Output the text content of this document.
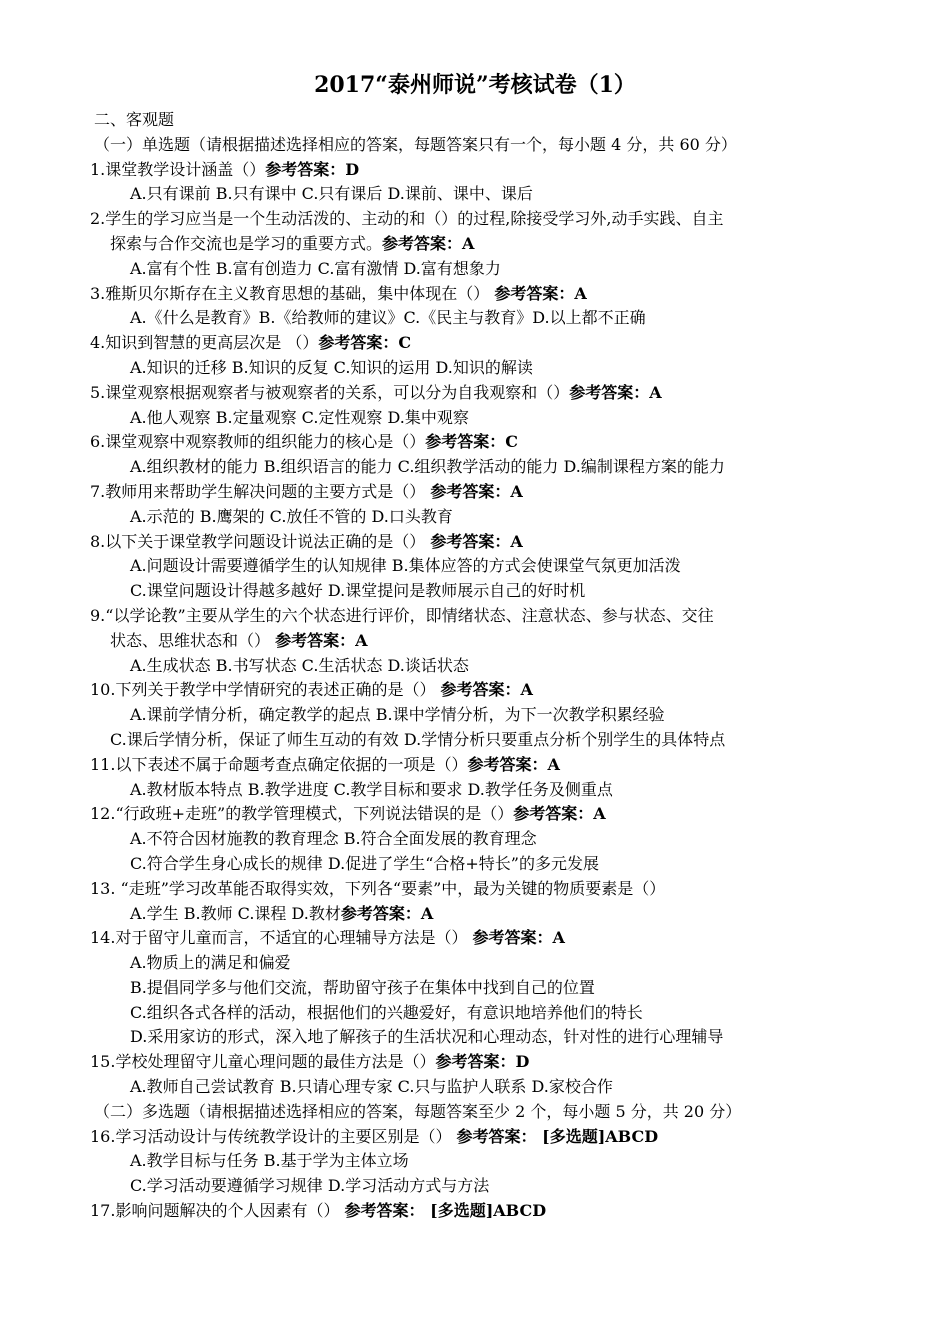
2017“泰州师说”考核试卷（1）
二、客观题
（一）单选题（请根据描述选择相应的答案，每题答案只有一个，每小题 4 分，共 60 分）
1.课堂教学设计涵盖（）参考答案：D
A.只有课前 B.只有课中 C.只有课后 D.课前、课中、课后
2.学生的学习应当是一个生动活泼的、主动的和（）的过程,除接受学习外,动手实践、自主
探索与合作交流也是学习的重要方式。参考答案：A
A.富有个性 B.富有创造力 C.富有激情 D.富有想象力
3.雅斯贝尔斯存在主义教育思想的基础，集中体现在（） 参考答案：A
A.《什么是教育》B.《给教师的建议》C.《民主与教育》D.以上都不正确
4.知识到智慧的更高层次是 （）参考答案：C
A.知识的迁移 B.知识的反复 C.知识的运用 D.知识的解读
5.课堂观察根据观察者与被观察者的关系，可以分为自我观察和（）参考答案：A
A.他人观察 B.定量观察 C.定性观察 D.集中观察
6.课堂观察中观察教师的组织能力的核心是（）参考答案：C
A.组织教材的能力 B.组织语言的能力 C.组织教学活动的能力 D.编制课程方案的能力
7.教师用来帮助学生解决问题的主要方式是（） 参考答案：A
A.示范的 B.鹰架的 C.放任不管的 D.口头教育
8.以下关于课堂教学问题设计说法正确的是（） 参考答案：A
A.问题设计需要遵循学生的认知规律 B.集体应答的方式会使课堂气氛更加活泼
C.课堂问题设计得越多越好 D.课堂提问是教师展示自己的好时机
9.“以学论教”主要从学生的六个状态进行评价，即情绪状态、注意状态、参与状态、交往
状态、思维状态和（） 参考答案：A
A.生成状态 B.书写状态 C.生活状态 D.谈话状态
10.下列关于教学中学情研究的表述正确的是（） 参考答案：A
A.课前学情分析，确定教学的起点 B.课中学情分析，为下一次教学积累经验
C.课后学情分析，保证了师生互动的有效 D.学情分析只要重点分析个别学生的具体特点
11.以下表述不属于命题考查点确定依据的一项是（）参考答案：A
A.教材版本特点 B.教学进度 C.教学目标和要求 D.教学任务及侧重点
12.“行政班+走班”的教学管理模式，下列说法错误的是（）参考答案：A
A.不符合因材施教的教育理念 B.符合全面发展的教育理念
C.符合学生身心成长的规律 D.促进了学生“合格+特长”的多元发展
13. “走班”学习改革能否取得实效，下列各“要素”中，最为关键的物质要素是（）
A.学生 B.教师 C.课程 D.教材参考答案：A
14.对于留守儿童而言，不适宜的心理辅导方法是（） 参考答案：A
A.物质上的满足和偏爱
B.提倡同学多与他们交流，帮助留守孩子在集体中找到自己的位置
C.组织各式各样的活动，根据他们的兴趣爱好，有意识地培养他们的特长
D.采用家访的形式，深入地了解孩子的生活状况和心理动态，针对性的进行心理辅导
15.学校处理留守儿童心理问题的最佳方法是（）参考答案：D
A.教师自己尝试教育 B.只请心理专家 C.只与监护人联系 D.家校合作
（二）多选题（请根据描述选择相应的答案，每题答案至少 2 个，每小题 5 分，共 20 分）
16.学习活动设计与传统教学设计的主要区别是（） 参考答案： [多选题]ABCD
A.教学目标与任务 B.基于学为主体立场
C.学习活动要遵循学习规律 D.学习活动方式与方法
17.影响问题解决的个人因素有（） 参考答案： [多选题]ABCD
